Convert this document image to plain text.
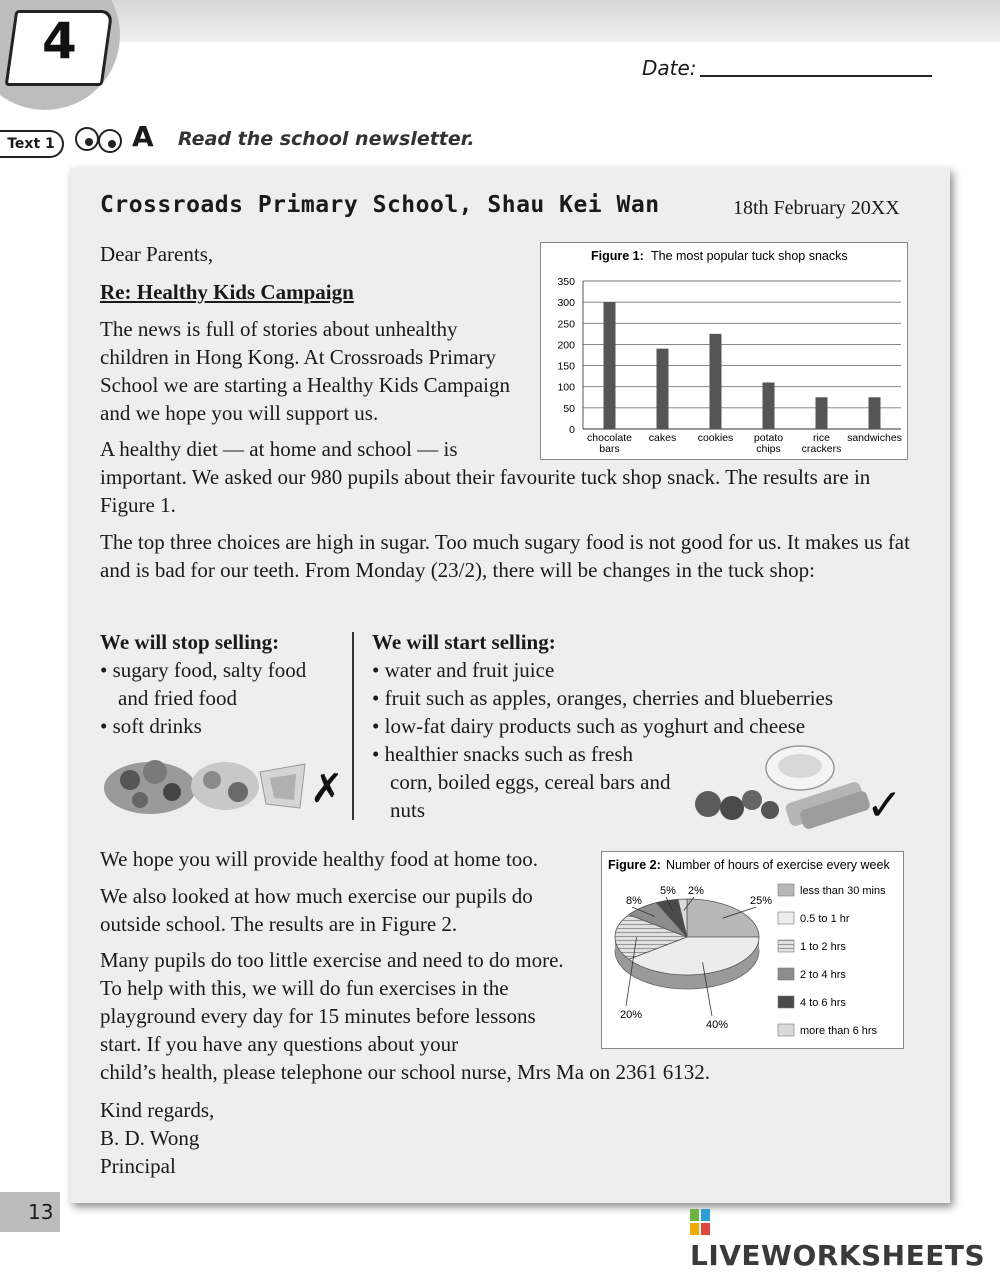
4	Date:
Text 1	A Read the school newsletter.
Crossroads Primary School, Shau Kei Wan	18th February 20XX

Dear Parents,

Re: Healthy Kids Campaign

The news is full of stories about unhealthy children in Hong Kong. At Crossroads Primary School we are starting a Healthy Kids Campaign and we hope you will support us.

A healthy diet — at home and school — is

important. We asked our 980 pupils about their favourite tuck shop snack. The results are in Figure 1.

The top three choices are high in sugar. Too much sugary food is not good for us. It makes us fat and is bad for our teeth. From Monday (23/2), there will be changes in the tuck shop:

Figure 1: The most popular tuck shop snacks
0
50
100
150
200
250
300
350
chocolate
bars
cakes cookies potato
chips
rice
crackers
sandwiches

We will stop selling:

• sugary food, salty food and fried food
• soft drinks

We will start selling:

• water and fruit juice
• fruit such as apples, oranges, cherries and blueberries
• low-fat dairy products such as yoghurt and cheese
• healthier snacks such as fresh corn, boiled eggs, cereal bars and nuts
✗	✓

We hope you will provide healthy food at home too.

We also looked at how much exercise our pupils do outside school. The results are in Figure 2.

Many pupils do too little exercise and need to do more. To help with this, we will do fun exercises in the playground every day for 15 minutes before lessons start. If you have any questions about your

child’s health, please telephone our school nurse, Mrs Ma on 2361 6132.

Figure 2: Number of hours of exercise every week
25%
40%
20%
8%
5% 2%	less than 30 mins
0.5 to 1 hr
1 to 2 hrs
2 to 4 hrs
4 to 6 hrs
more than 6 hrs

Kind regards,

B. D. Wong

Principal

13
LIVEWORKSHEETS
